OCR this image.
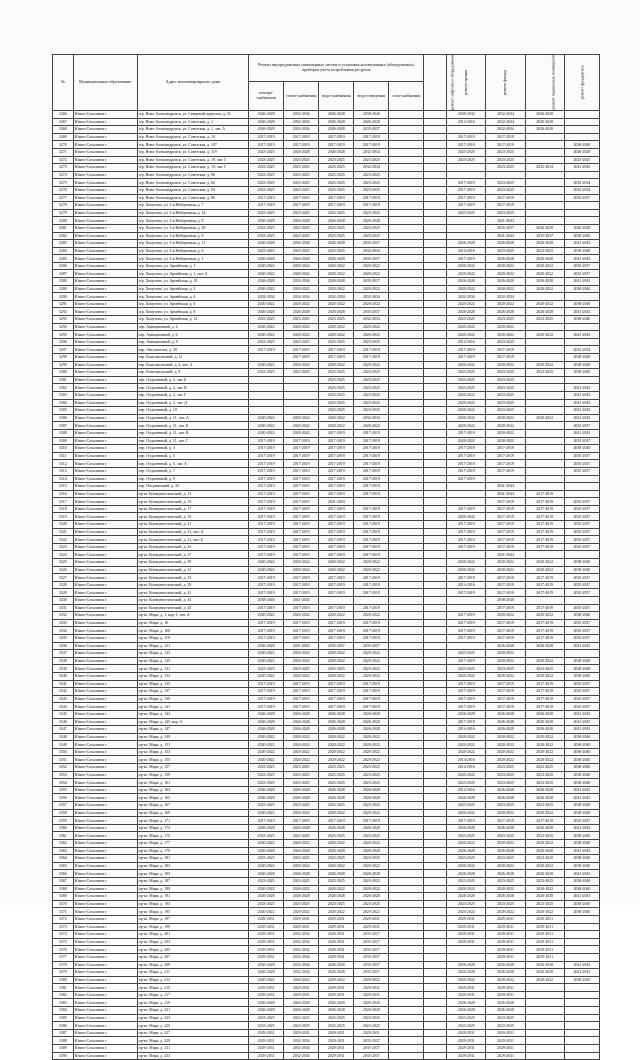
№	Муниципальное образование	Адрес многоквартирного дома	Ремонт внутридомовых инженерных систем и установка коллективных (общедомовых) приборов учета потребления ресурсов					ремонт лифтового оборудования	ремонт крыши	ремонт фасада	ремонт подвальных помещений	ремонт фундамента
			электро-снабжения	тепло-снабжения	водо-снабжения	водо-отведения	газо-снабжения					
3266	Южно-Сахалинск г	п/р. Ново-Александровск, ул. Северный переулок, д. 35	2026-2028	2032-2034	2026-2028	2038-2040			2030-2032	2032-2034	2026-2028	
3267	Южно-Сахалинск г	п/р. Ново-Александровск, ул. Советская, д. 1	2026-2028	2032-2034	2026-2028	2026-2028			2014-2016	2032-2034	2026-2028	
3268	Южно-Сахалинск г	п/р. Ново-Александровск, ул. Советская, д. 1, лит. А	2026-2028	2032-2034	2026-2028	2035-2037				2032-2034	2026-2028	
3269	Южно-Сахалинск г	п/р. Ново-Александровск, ул. Советская, д. 10	2017-2019	2017-2019	2017-2019	2017-2019			2017-2019	2017-2019		
3270	Южно-Сахалинск г	п/р. Ново-Александровск, ул. Советская, д. 107	2017-2019	2017-2019	2017-2019	2017-2019			2017-2019	2017-2019		2038-2040
3271	Южно-Сахалинск г	п/р. Ново-Александровск, ул. Советская, д. 119	2023-2025	2026-2028	2026-2028	2032-2034			2023-2025	2023-2025		2026-2028
3272	Южно-Сахалинск г	п/р. Ново-Александровск, ул. Советская, д. 19, лит. Г	2023-2025	2023-2025	2023-2025	2023-2025			2023-2025	2023-2025		2023-2025
3273	Южно-Сахалинск г	п/р. Ново-Александровск, ул. Советская, д. 19, лит. Г	2023-2025	2023-2025	2023-2025	2032-2034				2023-2025	2032-2034	2041-2043
3274	Южно-Сахалинск г	п/р. Ново-Александровск, ул. Советская, д. 80	2023-2025	2023-2025	2023-2025	2023-2025						
3275	Южно-Сахалинск г	п/р. Ново-Александровск, ул. Советская, д. 82	2023-2025	2023-2025	2023-2025	2023-2025			2017-2019	2023-2025		2032-2034
3276	Южно-Сахалинск г	п/р. Ново-Александровск, ул. Советская, д. 84	2023-2025	2023-2025	2023-2025	2023-2025			2017-2019	2023-2025		2032-2034
3277	Южно-Сахалинск г	п/р. Ново-Александровск, ул. Советская, д. 86	2017-2019	2017-2019	2017-2019	2017-2019			2017-2019	2017-2019		2035-2037
3278	Южно-Сахалинск г	п/р. Хомутово, ул. 3-я Набережная, д. 7	2017-2019	2017-2019	2017-2019	2017-2019			2017-2019	2017-2019		
3279	Южно-Сахалинск г	п/р. Хомутово, ул. 3-я Набережная, д. 14	2023-2025	2023-2025	2023-2025	2023-2025			2023-2025	2023-2025		
3280	Южно-Сахалинск г	п/р. Хомутово, ул. 3-я Набережная, д. 8	2026-2028	2026-2028	2026-2028	2026-2028				2041-2043		
3281	Южно-Сахалинск г	п/р. Хомутово, ул. 3-я Набережная, д. 10	2023-2025	2023-2025	2023-2025	2023-2025				2035-2037	2026-2028	2026-2028
3282	Южно-Сахалинск г	п/р. Хомутово, ул. 3-я Набережная, д. 9	2023-2025	2023-2025	2023-2025	2023-2025				2041-2043	2035-2037	2038-2040
3283	Южно-Сахалинск г	п/р. Хомутово, ул. 3-я Набережная, д. 11	2026-2028	2032-2034	2026-2028	2035-2037			2026-2028	2026-2028	2026-2028	2041-2043
3284	Южно-Сахалинск г	п/р. Хомутово, ул. 3-я Набережная, д. 6	2023-2025	2023-2025	2023-2025	2032-2034			2014-2016	2023-2025	2023-2025	2038-2040
3285	Южно-Сахалинск г	п/р. Хомутово, ул. 3-я Набережная, д. 1	2026-2028	2026-2028	2026-2028	2035-2037			2017-2019	2026-2028	2026-2028	2041-2043
3286	Южно-Сахалинск г	п/р. Хомутово, ул. Армейская, д. 1	2020-2022	2020-2022	2020-2022	2020-2022			2020-2022	2020-2022	2020-2022	2035-2037
3287	Южно-Сахалинск г	п/р. Хомутово, ул. Армейская, д. 1, лит. А	2020-2022	2020-2022	2020-2022	2020-2022			2020-2022	2020-2022	2020-2022	2035-2037
3288	Южно-Сахалинск г	п/р. Хомутово, ул. Армейская, д. 10	2026-2028	2032-2034	2026-2028	2035-2037			2026-2028	2026-2028	2026-2028	2041-2043
3289	Южно-Сахалинск г	п/р. Хомутово, ул. Армейская, д. 2	2020-2022	2020-2022	2020-2022	2020-2022			2020-2022	2020-2022	2020-2022	2038-2040
3290	Южно-Сахалинск г	п/р. Хомутово, ул. Армейская, д. 4	2032-2034	2032-2034	2032-2034	2032-2034			2032-2034	2032-2034		
3291	Южно-Сахалинск г	п/р. Хомутово, ул. Армейская, д. 6	2020-2022	2020-2022	2020-2022	2020-2022			2020-2022	2020-2022	2020-2022	2038-2040
3292	Южно-Сахалинск г	п/р. Хомутово, ул. Армейская, д. 8	2026-2028	2026-2028	2026-2028	2035-2037			2026-2028	2026-2028	2026-2028	2041-2043
3293	Южно-Сахалинск г	п/р. Хомутово, ул. Армейская, д. 12	2023-2025	2023-2025	2023-2025	2032-2034			2023-2025	2023-2025	2023-2025	2038-2040
3294	Южно-Сахалинск г	пер. Авиационный, д. 4	2020-2022	2020-2022	2020-2022	2020-2022			2020-2022	2020-2022		
3295	Южно-Сахалинск г	пер. Авиационный, д. 6	2020-2022	2020-2022	2020-2022	2020-2022			2020-2022	2020-2022	2020-2022	2041-2043
3296	Южно-Сахалинск г	пер. Авиационный, д. 8	2023-2025	2023-2025	2023-2025	2023-2025			2014-2016	2023-2025		
3297	Южно-Сахалинск г	пер. Энтузиастов, д. 20	2017-2019	2017-2019	2017-2019	2017-2019			2017-2019	2017-2019		2032-2034
3298	Южно-Сахалинск г	пер. Комсомольский, д. 12		2017-2019	2017-2019	2017-2019			2017-2019	2017-2019		2038-2040
3299	Южно-Сахалинск г	пер. Комсомольский, д. 4, лит. А	2020-2022	2020-2022	2020-2022	2020-2022			2020-2022	2020-2022	2020-2022	2038-2040
3300	Южно-Сахалинск г	пер. Комсомольский, д. 8	2023-2025	2023-2025	2023-2025	2023-2025			2023-2025	2023-2025	2023-2025	2038-2040
3301	Южно-Сахалинск г	пер. Отдаленный, д. 2, лит. Б			2023-2025	2023-2025			2023-2025	2023-2025		
3302	Южно-Сахалинск г	пер. Отдаленный, д. 2, лит. В			2023-2025	2023-2025			2023-2025	2023-2025		2041-2043
3303	Южно-Сахалинск г	пер. Отдаленный, д. 2, лит. Г			2023-2025	2023-2025			2020-2022	2023-2025		2041-2043
3304	Южно-Сахалинск г	пер. Отдаленный, д. 2, лит. Д			2023-2025	2023-2025			2020-2022	2023-2025		2041-2043
3305	Южно-Сахалинск г	пер. Отдаленный, д. 10			2023-2025	2023-2025			2020-2022	2023-2025		2041-2043
3306	Южно-Сахалинск г	пер. Отдаленный, д. 11, лит. А	2020-2022	2020-2022	2020-2022	2032-2034			2020-2022	2020-2022	2020-2022	2041-2043
3307	Южно-Сахалинск г	пер. Отдаленный, д. 11, лит. Б	2020-2022	2020-2022	2020-2022	2020-2022			2020-2022	2020-2022		2035-2037
3308	Южно-Сахалинск г	пер. Отдаленный, д. 11, лит. В	2020-2022	2020-2022	2017-2019	2017-2019			2017-2019	2020-2022		2041-2043
3309	Южно-Сахалинск г	пер. Отдаленный, д. 11, лит. Г	2017-2019	2017-2019	2017-2019	2017-2019			2020-2022	2020-2022		2035-2037
3310	Южно-Сахалинск г	пер. Отдаленный, д. 3	2017-2019	2017-2019	2017-2019	2017-2019			2017-2019	2017-2019		2038-2040
3311	Южно-Сахалинск г	пер. Отдаленный, д. 5	2017-2019	2017-2019	2017-2019	2017-2019			2017-2019	2017-2019		2035-2037
3312	Южно-Сахалинск г	пер. Отдаленный, д. 5, лит. А	2017-2019	2017-2019	2017-2019	2017-2019			2017-2019	2017-2019		2035-2037
3313	Южно-Сахалинск г	пер. Отдаленный, д. 7	2017-2019	2017-2019	2017-2019	2017-2019			2017-2019	2017-2019		2035-2037
3314	Южно-Сахалинск г	пер. Отдаленный, д. 9	2017-2019	2017-2019	2017-2019	2017-2019			2017-2019			
3315	Южно-Сахалинск г	пер. Пограничный, д. 32	2017-2019	2017-2019	2017-2019	2017-2019				2041-2043		
3316	Южно-Сахалинск г	пр-кт. Коммунистический, д. 13	2017-2019	2017-2019	2017-2019	2017-2019				2041-2043	2017-2019	
3317	Южно-Сахалинск г	пр-кт. Коммунистический, д. 15	2017-2019	2017-2019	2041-2043					2017-2019	2017-2019	2035-2037
3318	Южно-Сахалинск г	пр-кт. Коммунистический, д. 17	2017-2019	2017-2019	2017-2019	2017-2019			2017-2019	2017-2019	2017-2019	2035-2037
3319	Южно-Сахалинск г	пр-кт. Коммунистический, д. 19	2017-2019	2017-2019	2017-2019	2017-2019			2020-2022	2017-2019	2017-2019	2035-2037
3320	Южно-Сахалинск г	пр-кт. Коммунистический, д. 21	2017-2019	2017-2019	2017-2019	2017-2019			2017-2019	2017-2019	2017-2019	2035-2037
3321	Южно-Сахалинск г	пр-кт. Коммунистический, д. 21, лит. А	2017-2019	2017-2019	2017-2019	2017-2019			2017-2019	2017-2019	2017-2019	2035-2037
3322	Южно-Сахалинск г	пр-кт. Коммунистический, д. 21, лит. Б	2017-2019	2017-2019	2017-2019	2017-2019			2017-2019	2017-2019	2017-2019	2035-2037
3323	Южно-Сахалинск г	пр-кт. Коммунистический, д. 23	2017-2019	2017-2019	2017-2019	2017-2019			2017-2019	2017-2019	2017-2019	2035-2037
3324	Южно-Сахалинск г	пр-кт. Коммунистический, д. 27	2017-2019	2017-2019	2017-2019	2017-2019				2041-2043		
3325	Южно-Сахалинск г	пр-кт. Коммунистический, д. 29	2020-2022	2020-2022	2020-2022	2020-2022			2020-2022	2020-2022	2020-2022	2038-2040
3326	Южно-Сахалинск г	пр-кт. Коммунистический, д. 31	2020-2022	2020-2022	2020-2022	2020-2022			2020-2022	2020-2022	2020-2022	2038-2040
3327	Южно-Сахалинск г	пр-кт. Коммунистический, д. 33	2017-2019	2017-2019	2017-2019	2017-2019			2017-2019	2017-2019	2017-2019	2035-2037
3328	Южно-Сахалинск г	пр-кт. Коммунистический, д. 39	2017-2019	2017-2019	2017-2019	2017-2019			2014-2016	2017-2019	2017-2019	2035-2037
3329	Южно-Сахалинск г	пр-кт. Коммунистический, д. 41	2017-2019	2017-2019	2017-2019	2017-2019			2017-2019	2017-2019	2017-2019	2035-2037
3330	Южно-Сахалинск г	пр-кт. Коммунистический, д. 43	2038-2040	2041-2043						2038-2040		
3331	Южно-Сахалинск г	пр-кт. Коммунистический, д. 45	2017-2019	2017-2019	2017-2019	2017-2019				2017-2019	2017-2019	2035-2037
3332	Южно-Сахалинск г	пр-кт. Мира, д. 1, кор. 1, лит. А	2020-2022	2020-2022	2020-2022	2020-2022			2017-2019	2020-2022	2020-2022	2038-2040
3333	Южно-Сахалинск г	пр-кт. Мира, д. 10	2017-2019	2017-2019	2017-2019	2017-2019			2017-2019	2017-2019	2017-2019	2035-2037
3334	Южно-Сахалинск г	пр-кт. Мира, д. 100	2017-2019	2017-2019	2017-2019	2017-2019			2017-2019	2017-2019	2017-2019	2035-2037
3335	Южно-Сахалинск г	пр-кт. Мира, д. 119	2017-2019	2017-2019	2017-2019	2017-2019			2017-2019	2017-2019	2017-2019	2035-2037
3336	Южно-Сахалинск г	пр-кт. Мира, д. 121	2026-2028	2041-2043	2035-2037	2035-2037				2026-2028	2026-2028	2041-2043
3337	Южно-Сахалинск г	пр-кт. Мира, д. 123	2020-2022	2020-2022	2020-2022	2020-2022			2023-2025	2020-2022		
3338	Южно-Сахалинск г	пр-кт. Мира, д. 125	2020-2022	2020-2022	2020-2022	2020-2022			2017-2019	2020-2022	2020-2022	2038-2040
3339	Южно-Сахалинск г	пр-кт. Мира, д. 131	2023-2025	2023-2025	2023-2025	2023-2025			2023-2025	2023-2025	2023-2025	2038-2040
3340	Южно-Сахалинск г	пр-кт. Мира, д. 133	2020-2022	2020-2022	2020-2022	2020-2022			2020-2022	2020-2022	2020-2022	2038-2040
3341	Южно-Сахалинск г	пр-кт. Мира, д. 135	2017-2019	2017-2019	2017-2019	2017-2019			2017-2019	2017-2019	2017-2019	2035-2037
3342	Южно-Сахалинск г	пр-кт. Мира, д. 137	2017-2019	2017-2019	2017-2019	2017-2019			2017-2019	2017-2019	2017-2019	2035-2037
3343	Южно-Сахалинск г	пр-кт. Мира, д. 139	2017-2019	2017-2019	2017-2019	2017-2019			2017-2019	2017-2019	2017-2019	2035-2037
3344	Южно-Сахалинск г	пр-кт. Мира, д. 141	2017-2019	2017-2019	2017-2019	2017-2019			2017-2019	2017-2019	2017-2019	2035-2037
3345	Южно-Сахалинск г	пр-кт. Мира, д. 143	2026-2028	2026-2028	2026-2028	2026-2028			2026-2028	2026-2028	2026-2028	2041-2043
3346	Южно-Сахалинск г	пр-кт. Мира, д. 145, кор. А	2026-2028	2026-2028	2026-2028	2026-2028			2017-2019	2026-2028	2026-2028	2041-2043
3347	Южно-Сахалинск г	пр-кт. Мира, д. 147	2026-2028	2026-2028	2026-2028	2026-2028			2014-2016	2026-2028	2026-2028	2041-2043
3348	Южно-Сахалинск г	пр-кт. Мира, д. 149	2020-2022	2020-2022	2020-2022	2020-2022			2020-2022	2020-2022	2020-2022	2038-2040
3349	Южно-Сахалинск г	пр-кт. Мира, д. 151	2020-2022	2020-2022	2020-2022	2020-2022			2020-2022	2020-2022	2020-2022	2038-2040
3350	Южно-Сахалинск г	пр-кт. Мира, д. 153	2020-2022	2020-2022	2020-2022	2020-2022			2020-2022	2020-2022	2020-2022	2038-2040
3351	Южно-Сахалинск г	пр-кт. Мира, д. 155	2020-2022	2020-2022	2020-2022	2020-2022			2014-2016	2020-2022	2020-2022	2038-2040
3352	Южно-Сахалинск г	пр-кт. Мира, д. 157	2023-2025	2023-2025	2023-2025	2023-2025			2014-2016	2023-2025	2023-2025	2038-2040
3353	Южно-Сахалинск г	пр-кт. Мира, д. 159	2023-2025	2023-2025	2023-2025	2023-2025			2020-2022	2023-2025	2023-2025	2038-2040
3354	Южно-Сахалинск г	пр-кт. Мира, д. 161	2023-2025	2023-2025	2023-2025	2023-2025			2023-2025	2023-2025	2023-2025	2038-2040
3355	Южно-Сахалинск г	пр-кт. Мира, д. 163	2026-2028	2026-2028	2026-2028	2026-2028			2014-2016	2026-2028	2026-2028	2041-2043
3356	Южно-Сахалинск г	пр-кт. Мира, д. 165	2026-2028	2026-2028	2026-2028	2026-2028			2026-2028	2026-2028	2026-2028	2041-2043
3357	Южно-Сахалинск г	пр-кт. Мира, д. 167	2023-2025	2023-2025	2023-2025	2023-2025			2023-2025	2023-2025	2023-2025	2038-2040
3358	Южно-Сахалинск г	пр-кт. Мира, д. 169	2020-2022	2020-2022	2020-2022	2020-2022			2020-2022	2020-2022	2020-2022	2038-2040
3359	Южно-Сахалинск г	пр-кт. Мира, д. 171	2017-2019	2017-2019	2017-2019	2017-2019			2017-2019	2017-2019	2017-2019	2035-2037
3360	Южно-Сахалинск г	пр-кт. Мира, д. 173	2026-2028	2026-2028	2026-2028	2026-2028			2026-2028	2026-2028	2026-2028	2041-2043
3361	Южно-Сахалинск г	пр-кт. Мира, д. 175	2023-2025	2023-2025	2023-2025	2023-2025			2023-2025	2023-2025	2023-2025	2038-2040
3362	Южно-Сахалинск г	пр-кт. Мира, д. 177	2020-2022	2020-2022	2020-2022	2020-2022			2020-2022	2020-2022	2020-2022	2038-2040
3363	Южно-Сахалинск г	пр-кт. Мира, д. 179	2026-2028	2026-2028	2026-2028	2026-2028			2026-2028	2026-2028	2026-2028	2041-2043
3364	Южно-Сахалинск г	пр-кт. Мира, д. 181	2023-2025	2023-2025	2023-2025	2023-2025			2023-2025	2023-2025	2023-2025	2038-2040
3365	Южно-Сахалинск г	пр-кт. Мира, д. 183	2020-2022	2020-2022	2020-2022	2020-2022			2020-2022	2020-2022	2020-2022	2038-2040
3366	Южно-Сахалинск г	пр-кт. Мира, д. 185	2026-2028	2026-2028	2026-2028	2026-2028			2026-2028	2026-2028	2026-2028	2041-2043
3367	Южно-Сахалинск г	пр-кт. Мира, д. 187	2023-2025	2023-2025	2023-2025	2023-2025			2023-2025	2023-2025	2023-2025	2038-2040
3368	Южно-Сахалинск г	пр-кт. Мира, д. 189	2020-2022	2020-2022	2020-2022	2020-2022			2020-2022	2020-2022	2020-2022	2038-2040
3369	Южно-Сахалинск г	пр-кт. Мира, д. 191	2026-2028	2026-2028	2026-2028	2026-2028			2026-2028	2026-2028	2026-2028	2041-2043
3370	Южно-Сахалинск г	пр-кт. Мира, д. 193	2023-2025	2023-2025	2023-2025	2023-2025			2023-2025	2023-2025	2023-2025	2038-2040
3371	Южно-Сахалинск г	пр-кт. Мира, д. 195	2020-2022	2020-2022	2020-2022	2020-2022			2020-2022	2020-2022	2020-2022	2038-2040
3372	Южно-Сахалинск г	пр-кт. Мира, д. 197	2029-2031	2029-2031	2029-2031	2029-2031			2029-2031	2029-2031	2029-2031	
3373	Южно-Сахалинск г	пр-кт. Мира, д. 199	2029-2031	2029-2031	2029-2031	2029-2031			2029-2031	2029-2031	2029-2031	
3374	Южно-Сахалинск г	пр-кт. Мира, д. 201	2029-2031	2032-2034	2029-2031	2035-2037			2029-2031	2029-2031	2029-2031	
3375	Южно-Сахалинск г	пр-кт. Мира, д. 203	2029-2031	2032-2034	2029-2031	2035-2037			2029-2031	2029-2031	2029-2031	
3376	Южно-Сахалинск г	пр-кт. Мира, д. 205	2029-2031	2032-2034	2029-2031	2035-2037				2029-2031	2029-2031	
3377	Южно-Сахалинск г	пр-кт. Мира, д. 207	2029-2031	2032-2034	2029-2031	2035-2037				2029-2031	2029-2031	
3378	Южно-Сахалинск г	пр-кт. Мира, д. 209	2026-2028	2032-2034	2026-2028	2035-2037			2026-2028	2026-2028	2026-2028	2041-2043
3379	Южно-Сахалинск г	пр-кт. Мира, д. 211	2026-2028	2032-2034	2026-2028	2035-2037			2026-2028	2026-2028	2026-2028	2041-2043
3380	Южно-Сахалинск г	пр-кт. Мира, д. 213	2020-2022	2020-2022	2020-2022	2020-2022			2020-2022	2020-2022	2020-2022	2038-2040
3381	Южно-Сахалинск г	пр-кт. Мира, д. 215	2029-2031	2029-2031	2029-2031	2029-2031			2029-2031	2029-2031		
3382	Южно-Сахалинск г	пр-кт. Мира, д. 217	2029-2031	2029-2031	2029-2031	2029-2031			2029-2031	2029-2031		
3383	Южно-Сахалинск г	пр-кт. Мира, д. 219	2026-2028	2026-2028	2026-2028	2026-2028			2026-2028	2026-2028		
3384	Южно-Сахалинск г	пр-кт. Мира, д. 221	2026-2028	2026-2028	2026-2028	2026-2028			2026-2028	2026-2028		
3385	Южно-Сахалинск г	пр-кт. Мира, д. 223	2023-2025	2023-2025	2023-2025	2023-2025			2023-2025	2023-2025		
3386	Южно-Сахалинск г	пр-кт. Мира, д. 225	2023-2025	2023-2025	2023-2025	2023-2025			2023-2025	2023-2025		
3387	Южно-Сахалинск г	пр-кт. Мира, д. 227	2029-2031	2029-2031	2029-2031	2029-2031			2029-2031	2029-2031		
3388	Южно-Сахалинск г	пр-кт. Мира, д. 229	2029-2031	2032-2034	2029-2031	2035-2037			2029-2031	2029-2031		
3389	Южно-Сахалинск г	пр-кт. Мира, д. 231	2029-2031	2032-2034	2029-2031	2035-2037			2029-2031	2029-2031		
3390	Южно-Сахалинск г	пр-кт. Мира, д. 233	2029-2031	2032-2034	2029-2031	2035-2037			2029-2031	2029-2031		
